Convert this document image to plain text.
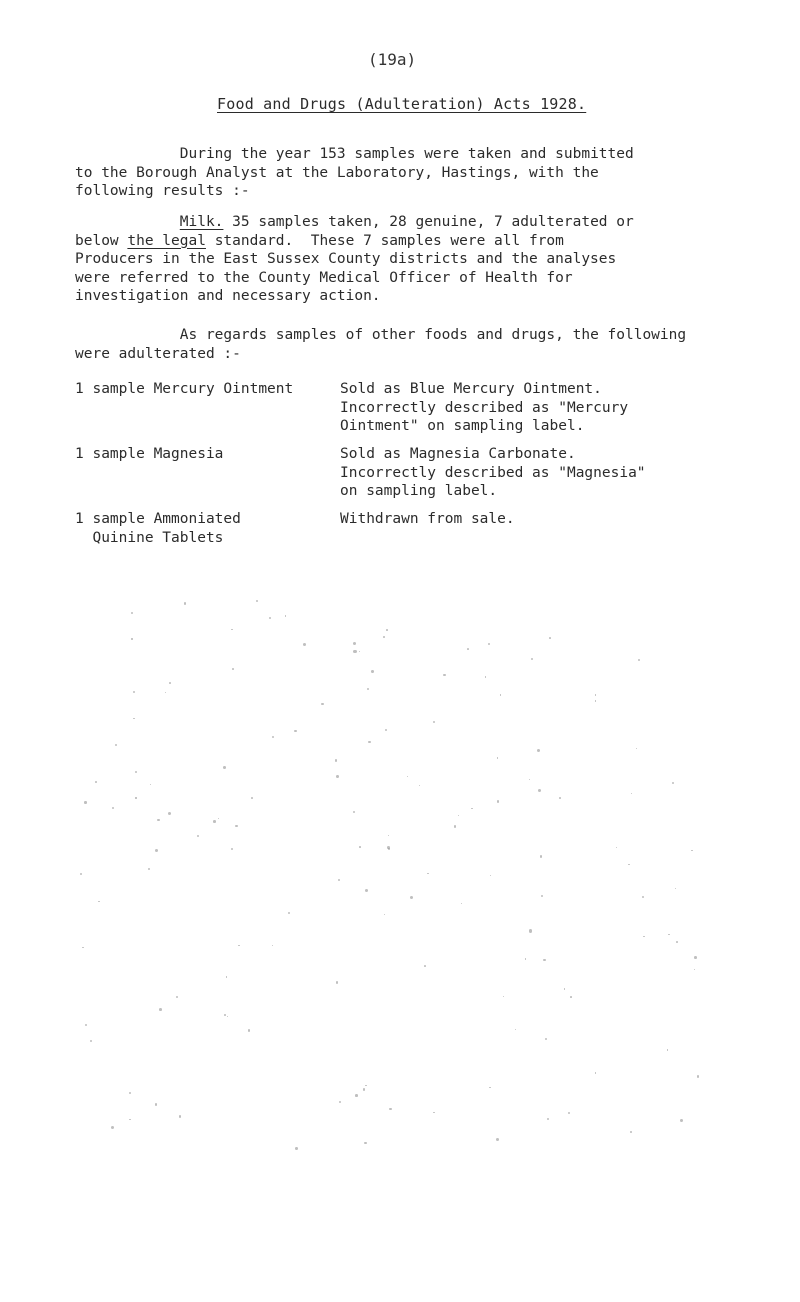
(19a)
Food and Drugs (Adulteration) Acts 1928.

During the year 153 samples were taken and submitted
to the Borough Analyst at the Laboratory, Hastings, with the
following results :-

Milk. 35 samples taken, 28 genuine, 7 adulterated or
below the legal standard.  These 7 samples were all from
Producers in the East Sussex County districts and the analyses
were referred to the County Medical Officer of Health for
investigation and necessary action.

As regards samples of other foods and drugs, the following
were adulterated :-

1 sample Mercury Ointment	Sold as Blue Mercury Ointment.
Incorrectly described as "Mercury
Ointment" on sampling label.

1 sample Magnesia	Sold as Magnesia Carbonate.
Incorrectly described as "Magnesia"
on sampling label.

1 sample Ammoniated
Quinine Tablets

Withdrawn from sale.
